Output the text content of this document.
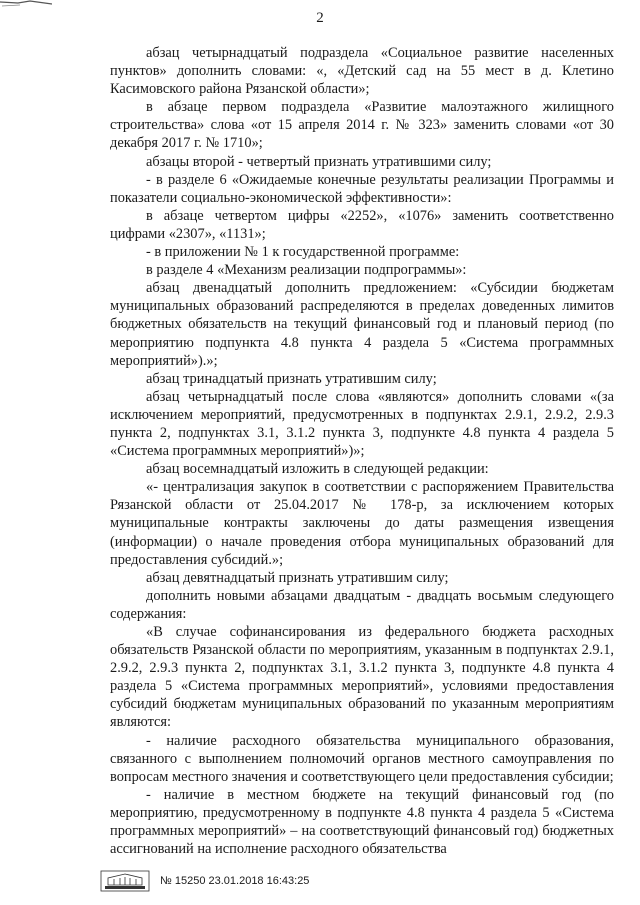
2

абзац четырнадцатый подраздела «Социальное развитие населенных пунктов» дополнить словами: «, «Детский сад на 55 мест в д. Клетино Касимовского района Рязанской области»;

в абзаце первом подраздела «Развитие малоэтажного жилищного строительства» слова «от 15 апреля 2014 г. № 323» заменить словами «от 30 декабря 2017 г. № 1710»;

абзацы второй - четвертый признать утратившими силу;

- в разделе 6 «Ожидаемые конечные результаты реализации Программы и показатели социально-экономической эффективности»:

в абзаце четвертом цифры «2252», «1076» заменить соответственно цифрами «2307», «1131»;

- в приложении № 1 к государственной программе:

в разделе 4 «Механизм реализации подпрограммы»:

абзац двенадцатый дополнить предложением: «Субсидии бюджетам муниципальных образований распределяются в пределах доведенных лимитов бюджетных обязательств на текущий финансовый год и плановый период (по мероприятию подпункта 4.8 пункта 4 раздела 5 «Система программных мероприятий»).»;

абзац тринадцатый признать утратившим силу;

абзац четырнадцатый после слова «являются» дополнить словами «(за исключением мероприятий, предусмотренных в подпунктах 2.9.1, 2.9.2, 2.9.3 пункта 2, подпунктах 3.1, 3.1.2 пункта 3, подпункте 4.8 пункта 4 раздела 5 «Система программных мероприятий»)»;

абзац восемнадцатый изложить в следующей редакции:

«- централизация закупок в соответствии с распоряжением Правительства Рязанской области от 25.04.2017 № 178-р, за исключением которых муниципальные контракты заключены до даты размещения извещения (информации) о начале проведения отбора муниципальных образований для предоставления субсидий.»;

абзац девятнадцатый признать утратившим силу;

дополнить новыми абзацами двадцатым - двадцать восьмым следующего содержания:

«В случае софинансирования из федерального бюджета расходных обязательств Рязанской области по мероприятиям, указанным в подпунктах 2.9.1, 2.9.2, 2.9.3 пункта 2, подпунктах 3.1, 3.1.2 пункта 3, подпункте 4.8 пункта 4 раздела 5 «Система программных мероприятий», условиями предоставления субсидий бюджетам муниципальных образований по указанным мероприятиям являются:

- наличие расходного обязательства муниципального образования, связанного с выполнением полномочий органов местного самоуправления по вопросам местного значения и соответствующего цели предоставления субсидии;

- наличие в местном бюджете на текущий финансовый год (по мероприятию, предусмотренному в подпункте 4.8 пункта 4 раздела 5 «Система программных мероприятий» – на соответствующий финансовый год) бюджетных ассигнований на исполнение расходного обязательства

№ 15250 23.01.2018 16:43:25
